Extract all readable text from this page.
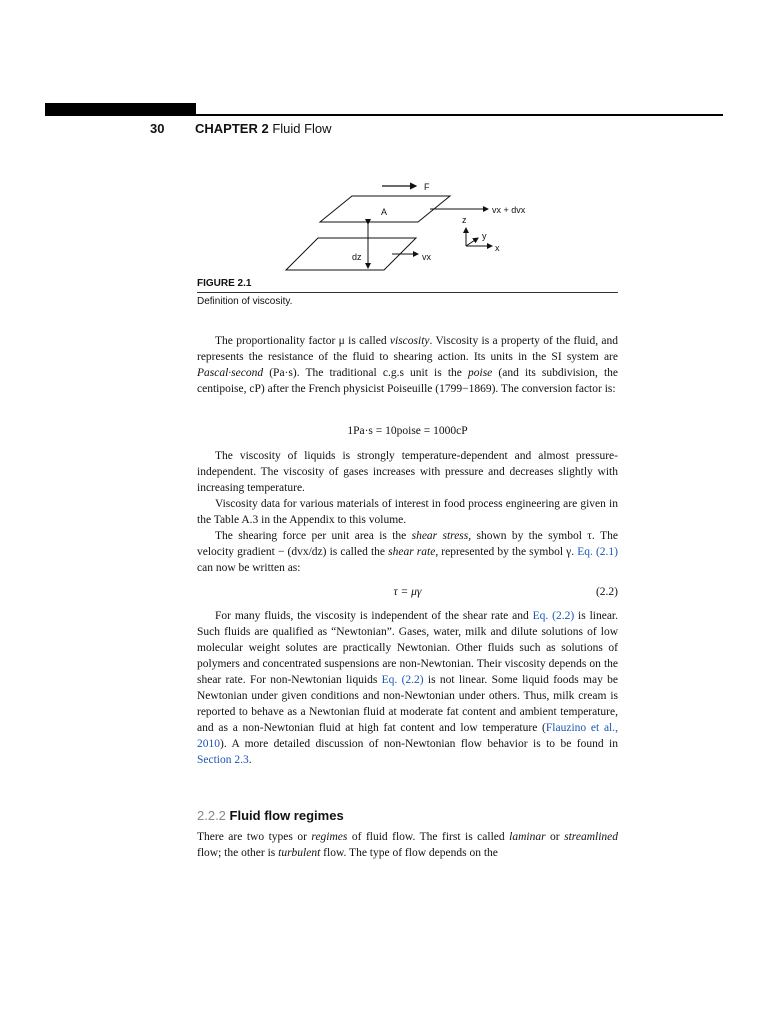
30 CHAPTER 2 Fluid Flow
F
A	vx + dvx
dz	vx
z
y
x
FIGURE 2.1
Definition of viscosity.

The proportionality factor μ is called viscosity. Viscosity is a property of the fluid, and represents the resistance of the fluid to shearing action. Its units in the SI system are Pascal·second (Pa·s). The traditional c.g.s unit is the poise (and its subdivision, the centipoise, cP) after the French physicist Poiseuille (1799−1869). The conversion factor is:

1Pa·s = 10poise = 1000cP

The viscosity of liquids is strongly temperature-dependent and almost pressure-independent. The viscosity of gases increases with pressure and decreases slightly with increasing temperature.

Viscosity data for various materials of interest in food process engineering are given in the Table A.3 in the Appendix to this volume.

The shearing force per unit area is the shear stress, shown by the symbol τ. The velocity gradient − (dvx/dz) is called the shear rate, represented by the symbol γ. Eq. (2.1) can now be written as:

τ = μγ	(2.2)

For many fluids, the viscosity is independent of the shear rate and Eq. (2.2) is linear. Such fluids are qualified as “Newtonian”. Gases, water, milk and dilute solutions of low molecular weight solutes are practically Newtonian. Other fluids such as solutions of polymers and concentrated suspensions are non-Newtonian. Their viscosity depends on the shear rate. For non-Newtonian liquids Eq. (2.2) is not linear. Some liquid foods may be Newtonian under given conditions and non-Newtonian under others. Thus, milk cream is reported to behave as a Newtonian fluid at moderate fat content and ambient temperature, and as a non-Newtonian fluid at high fat content and low temperature (Flauzino et al., 2010). A more detailed discussion of non-Newtonian flow behavior is to be found in Section 2.3.

2.2.2 Fluid flow regimes

There are two types or regimes of fluid flow. The first is called laminar or streamlined flow; the other is turbulent flow. The type of flow depends on the
